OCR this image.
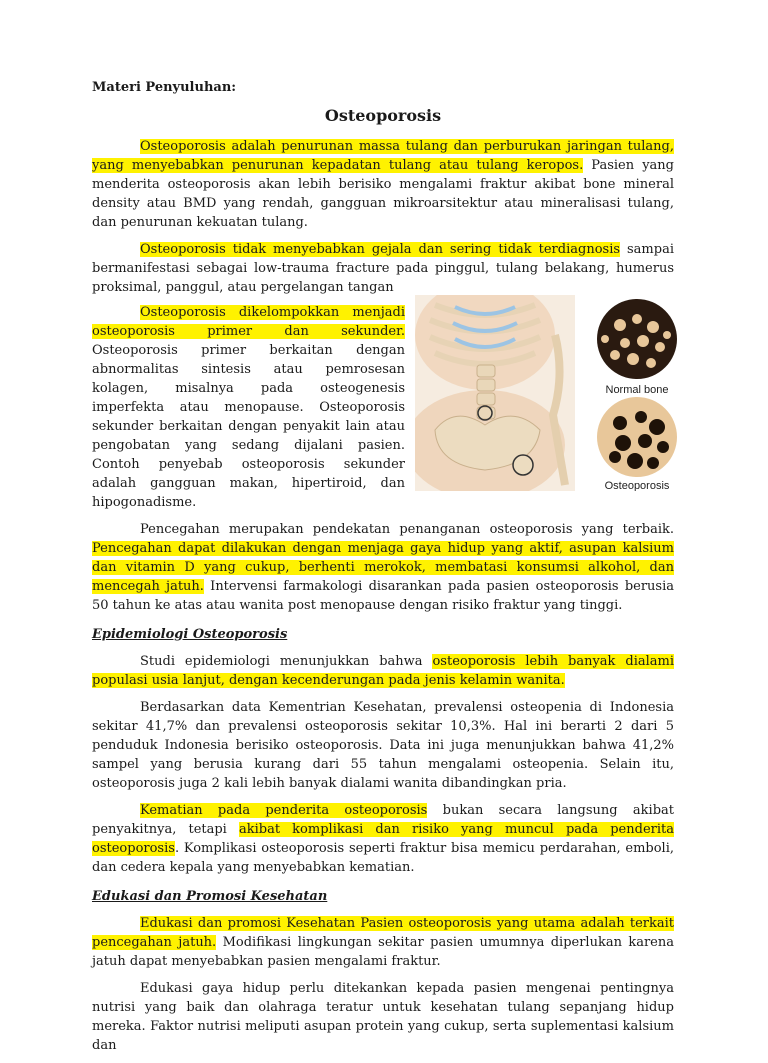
Materi Penyuluhan:
Osteoporosis

Osteoporosis adalah penurunan massa tulang dan perburukan jaringan tulang, yang menyebabkan penurunan kepadatan tulang atau tulang keropos. Pasien yang menderita osteoporosis akan lebih berisiko mengalami fraktur akibat bone mineral density atau BMD yang rendah, gangguan mikroarsitektur atau mineralisasi tulang, dan penurunan kekuatan tulang.

Osteoporosis tidak menyebabkan gejala dan sering tidak terdiagnosis sampai bermanifestasi sebagai low-trauma fracture pada pinggul, tulang belakang, humerus proksimal, panggul, atau pergelangan tangan

Normal bone
Osteoporosis

Osteoporosis dikelompokkan menjadi osteoporosis primer dan sekunder. Osteoporosis primer berkaitan dengan abnormalitas sintesis atau pemrosesan kolagen, misalnya pada osteogenesis imperfekta atau menopause. Osteoporosis sekunder berkaitan dengan penyakit lain atau pengobatan yang sedang dijalani pasien. Contoh penyebab osteoporosis sekunder adalah gangguan makan, hipertiroid, dan hipogonadisme.

Pencegahan merupakan pendekatan penanganan osteoporosis yang terbaik. Pencegahan dapat dilakukan dengan menjaga gaya hidup yang aktif, asupan kalsium dan vitamin D yang cukup, berhenti merokok, membatasi konsumsi alkohol, dan mencegah jatuh. Intervensi farmakologi disarankan pada pasien osteoporosis berusia 50 tahun ke atas atau wanita post menopause dengan risiko fraktur yang tinggi.

Epidemiologi Osteoporosis

Studi epidemiologi menunjukkan bahwa osteoporosis lebih banyak dialami populasi usia lanjut, dengan kecenderungan pada jenis kelamin wanita.

Berdasarkan data Kementrian Kesehatan, prevalensi osteopenia di Indonesia sekitar 41,7% dan prevalensi osteoporosis sekitar 10,3%. Hal ini berarti 2 dari 5 penduduk Indonesia berisiko osteoporosis. Data ini juga menunjukkan bahwa 41,2% sampel yang berusia kurang dari 55 tahun mengalami osteopenia. Selain itu, osteoporosis juga 2 kali lebih banyak dialami wanita dibandingkan pria.

Kematian pada penderita osteoporosis bukan secara langsung akibat penyakitnya, tetapi akibat komplikasi dan risiko yang muncul pada penderita osteoporosis. Komplikasi osteoporosis seperti fraktur bisa memicu perdarahan, emboli, dan cedera kepala yang menyebabkan kematian.

Edukasi dan Promosi Kesehatan

Edukasi dan promosi Kesehatan Pasien osteoporosis yang utama adalah terkait pencegahan jatuh. Modifikasi lingkungan sekitar pasien umumnya diperlukan karena jatuh dapat menyebabkan pasien mengalami fraktur.

Edukasi gaya hidup perlu ditekankan kepada pasien mengenai pentingnya nutrisi yang baik dan olahraga teratur untuk kesehatan tulang sepanjang hidup mereka. Faktor nutrisi meliputi asupan protein yang cukup, serta suplementasi kalsium dan
